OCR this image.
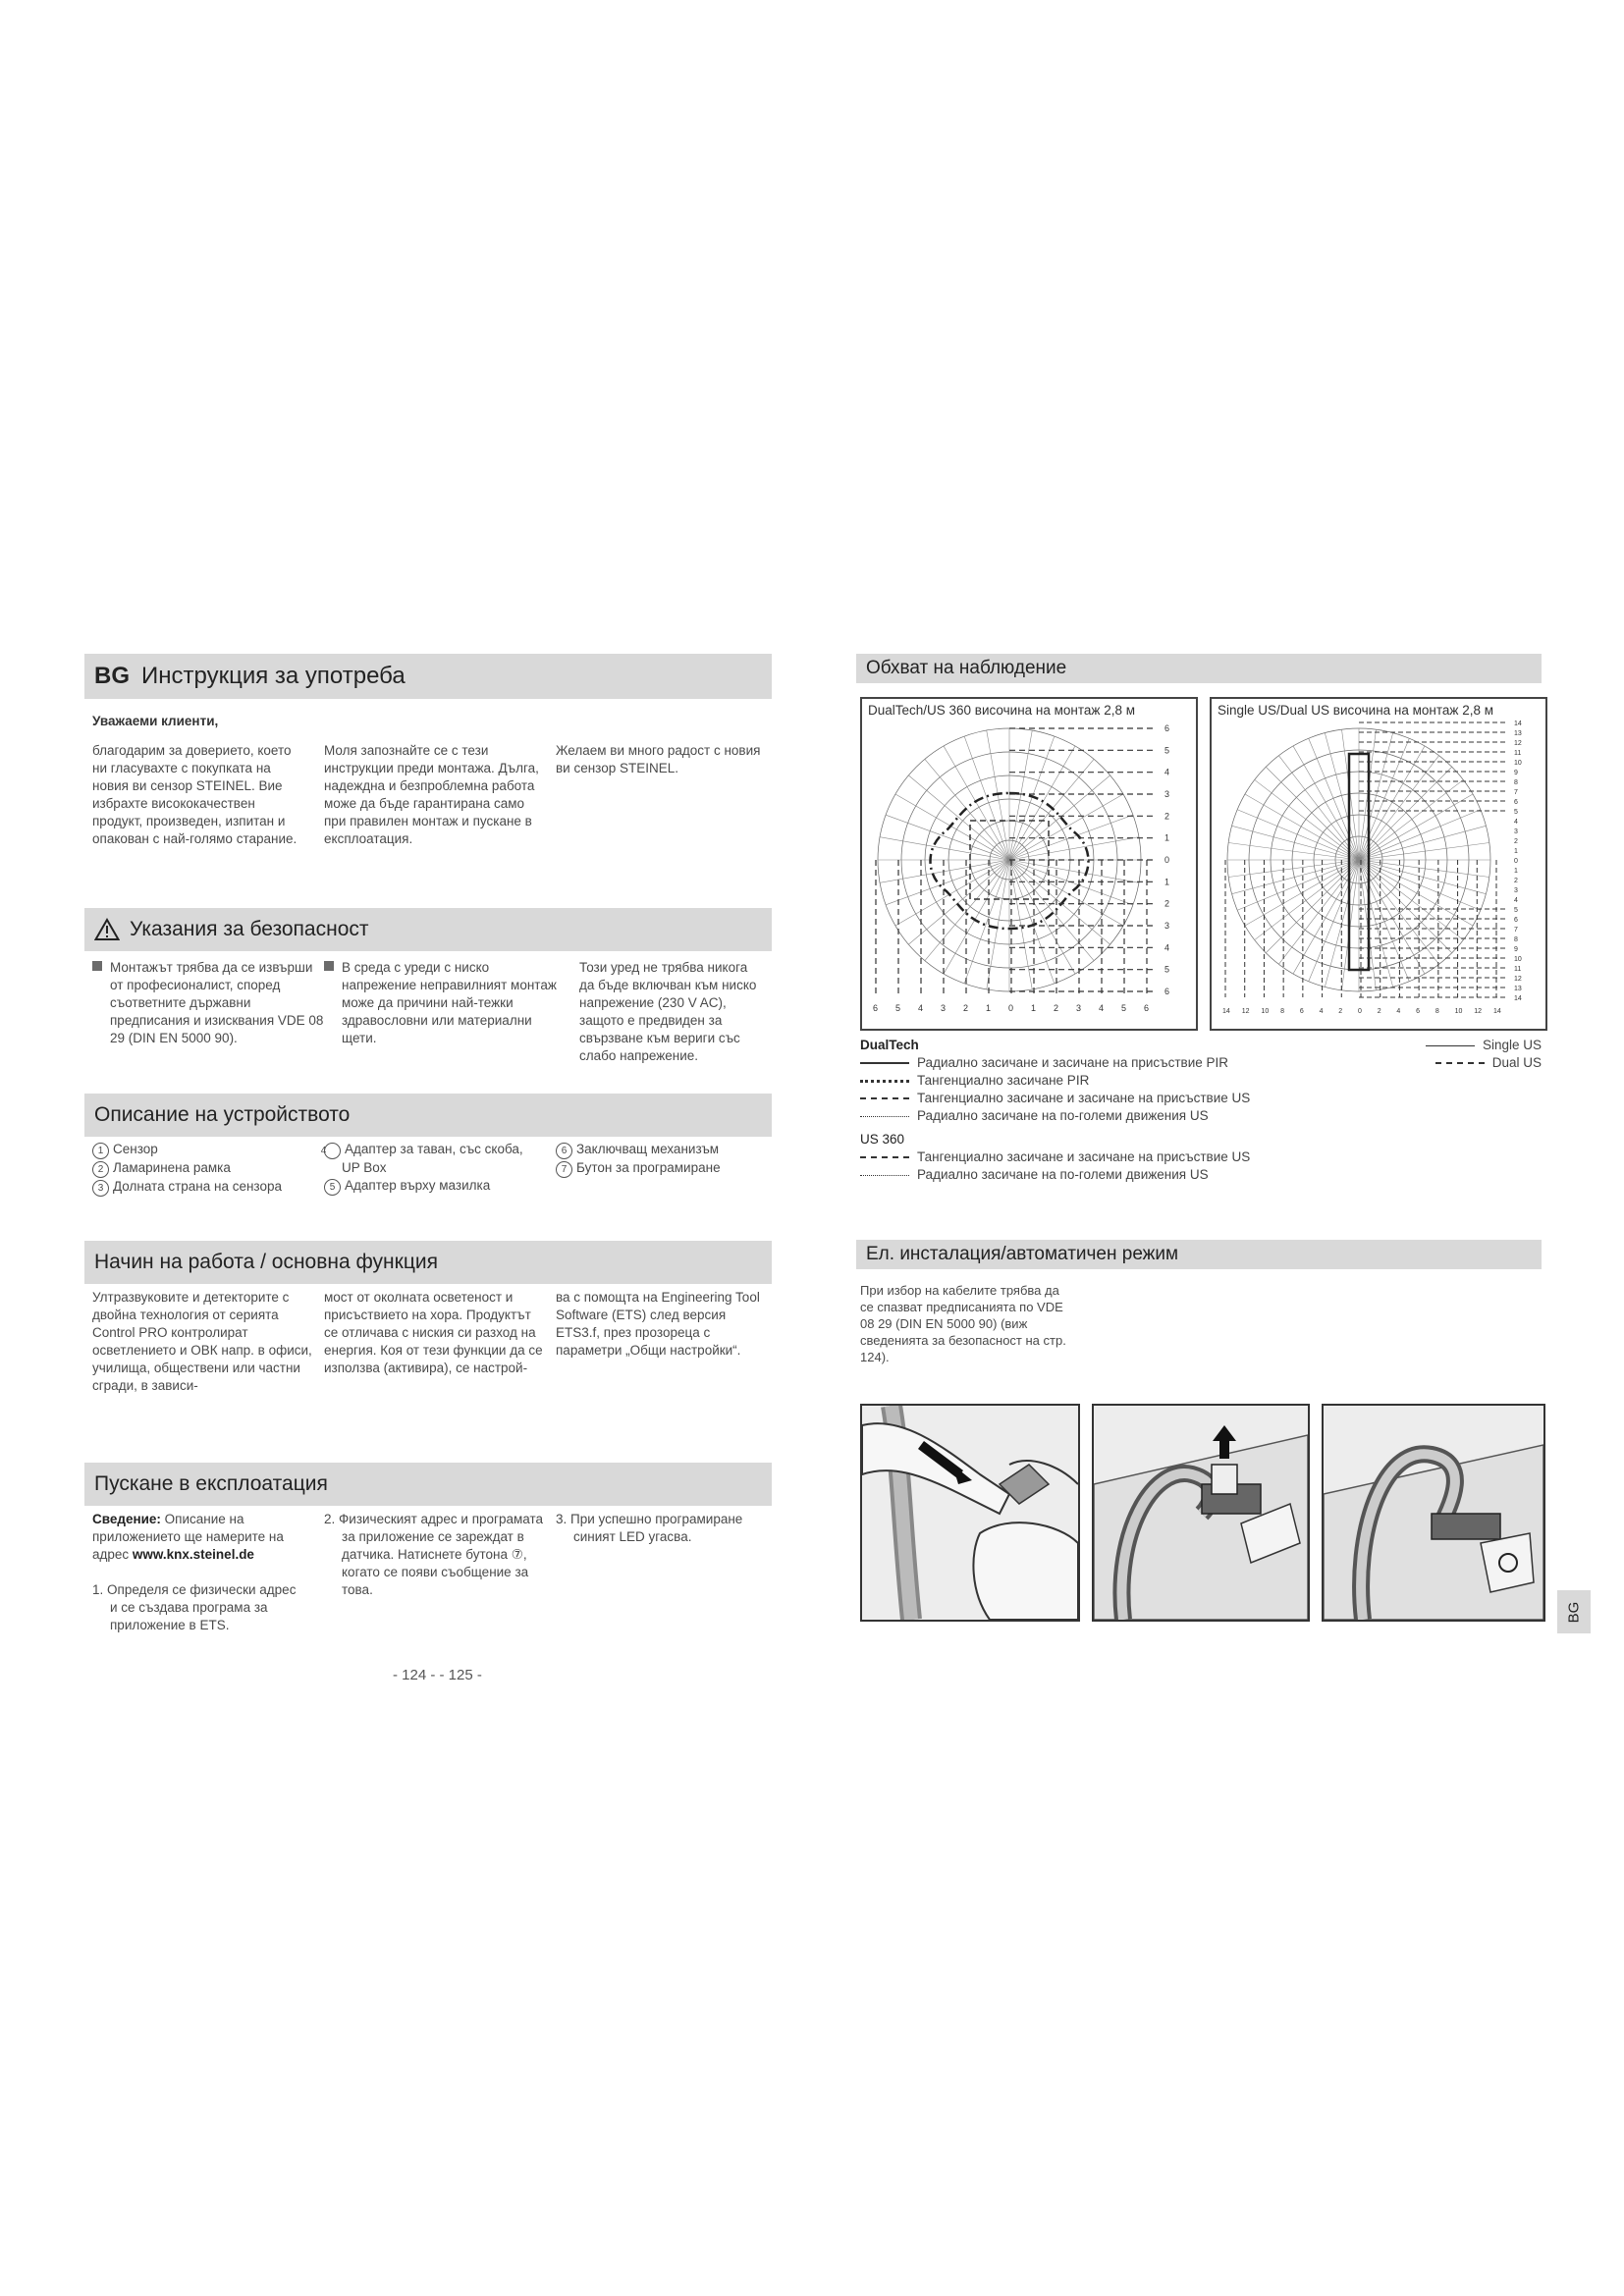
BG Инструкция за употреба
Уважаеми клиенти,
благодарим за доверието, което ни гласувахте с покупката на новия ви сензор STEINEL. Вие избрахте висококачествен продукт, произведен, изпитан и опакован с най-голямо старание.
Моля запознайте се с тези инструкции преди монтажа. Дълга, надеждна и безпроблемна работа може да бъде гарантирана само при правилен монтаж и пускане в експлоатация.
Желаем ви много радост с новия ви сензор STEINEL.
Указания за безопасност
Монтажът трябва да се извърши от професионалист, според съответните държавни предписания и изисквания VDE 08 29 (DIN EN 5000 90).
В среда с уреди с ниско напрежение неправилният монтаж може да причини най-тежки здравословни или материални щети.
Този уред не трябва никога да бъде включван към ниско напрежение (230 V AC), защото е предвиден за свързване към вериги със слабо напрежение.
Описание на устройството

1 Сензор

2 Ламаринена рамка

3 Долната страна на сензора

4 Адаптер за таван, със скоба, UP Box

5 Адаптер върху мазилка

6 Заключващ механизъм

7 Бутон за програмиране

Начин на работа / основна функция
Ултразвуковите и детекторите с двойна технология от серията Control PRO контролират осветлението и ОВК напр. в офиси, училища, обществени или частни сгради, в зависи-
мост от околната осветеност и присъствието на хора. Продуктът се отличава с ниския си разход на енергия. Коя от тези функции да се използва (активира), се настрой-
ва с помощта на Engineering Tool Software (ETS) след версия ETS3.f, през прозореца с параметри „Общи настройки“.
Пускане в експлоатация

Сведение: Описание на приложението ще намерите на адрес www.knx.steinel.de

1. Определя се физически адрес и се създава програма за приложение в ETS.

2. Физическият адрес и програмата за приложение се зареждат в датчика. Натиснете бутона ⑦, когато се появи съобщение за това.
3. При успешно програмиране синият LED угасва.
- 124 - - 125 -
Обхват на наблюдение
DualTech/US 360 височина на монтаж 2,8 м
6
5
4
3
2
1
0
1
2
3
4
5
6
6 5 4 3 2 1 0 1 2 3 4 5 6
Single US/Dual US височина на монтаж 2,8 м
14
13
12
11
10
9
8
7
6
5
4
3
2
1
0
1
2
3
4
5
6
7
8
9
10
11
12
13
14
14 12 10 8 6 4 2 0 2 4 6 8 10 12 14
DualTech
Радиално засичане и засичане на присъствие PIR
Тангенциално засичане PIR
Тангенциално засичане и засичане на присъствие US
Радиално засичане на по-големи движения US
Single US
Dual US
US 360
Тангенциално засичане и засичане на присъствие US
Радиално засичане на по-големи движения US
Ел. инсталация/автоматичен режим
При избор на кабелите трябва да се спазват предписанията по VDE 08 29 (DIN EN 5000 90) (виж сведенията за безопасност на стр. 124).
BG
